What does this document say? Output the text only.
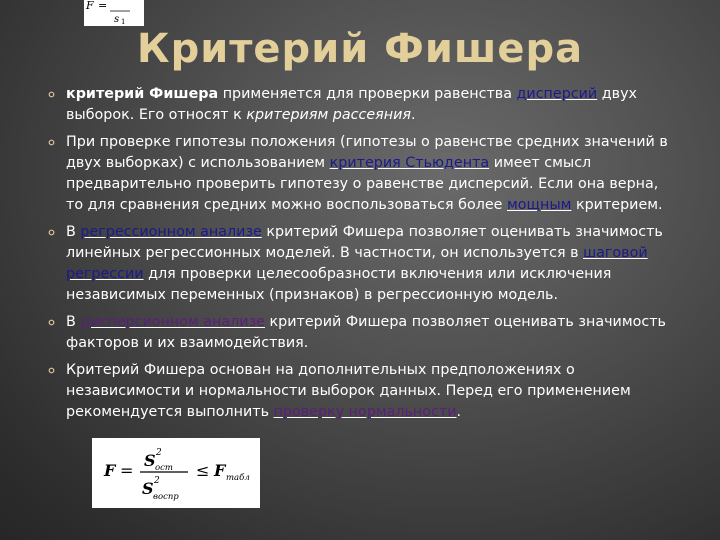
F =
s 1
Критерий Фишера
критерий Фишера применяется для проверки равенства дисперсий двух выборок. Его относят к критериям рассеяния.
При проверке гипотезы положения (гипотезы о равенстве средних значений в двух выборках) с использованием критерия Стьюдента имеет смысл предварительно проверить гипотезу о равенстве дисперсий. Если она верна, то для сравнения средних можно воспользоваться более мощным критерием.
В регрессионном анализе критерий Фишера позволяет оценивать значимость линейных регрессионных моделей. В частности, он используется в шаговой регрессии для проверки целесообразности включения или исключения независимых переменных (признаков) в регрессионную модель.
В дисперсионном анализе критерий Фишера позволяет оценивать значимость факторов и их взаимодействия.
Критерий Фишера основан на дополнительных предположениях о независимости и нормальности выборок данных. Перед его применением рекомендуется выполнить проверку нормальности.
F =
S 2
ост
S 2
воспр
≤ F табл
